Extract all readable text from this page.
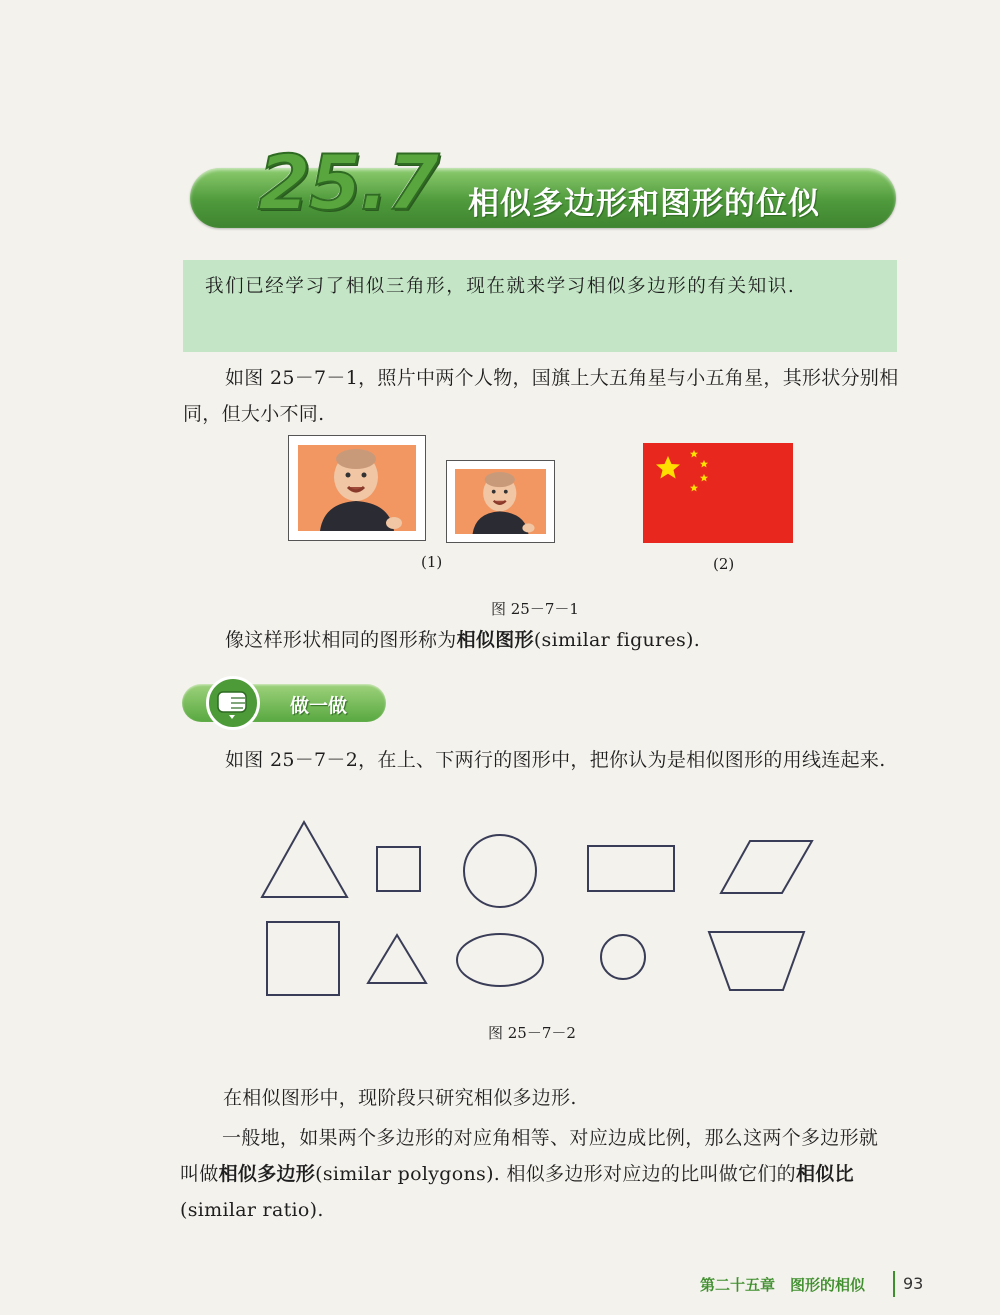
25.7 相似多边形和图形的位似
我们已经学习了相似三角形，现在就来学习相似多边形的有关知识.
如图 25－7－1，照片中两个人物，国旗上大五角星与小五角星，其形状分别相同，但大小不同.
(1)	(2)
图 25－7－1
像这样形状相同的图形称为相似图形(similar figures).
做一做
如图 25－7－2，在上、下两行的图形中，把你认为是相似图形的用线连起来.
图 25－7－2
在相似图形中，现阶段只研究相似多边形.
一般地，如果两个多边形的对应角相等、对应边成比例，那么这两个多边形就叫做相似多边形(similar polygons). 相似多边形对应边的比叫做它们的相似比(similar ratio).
第二十五章　图形的相似 93
